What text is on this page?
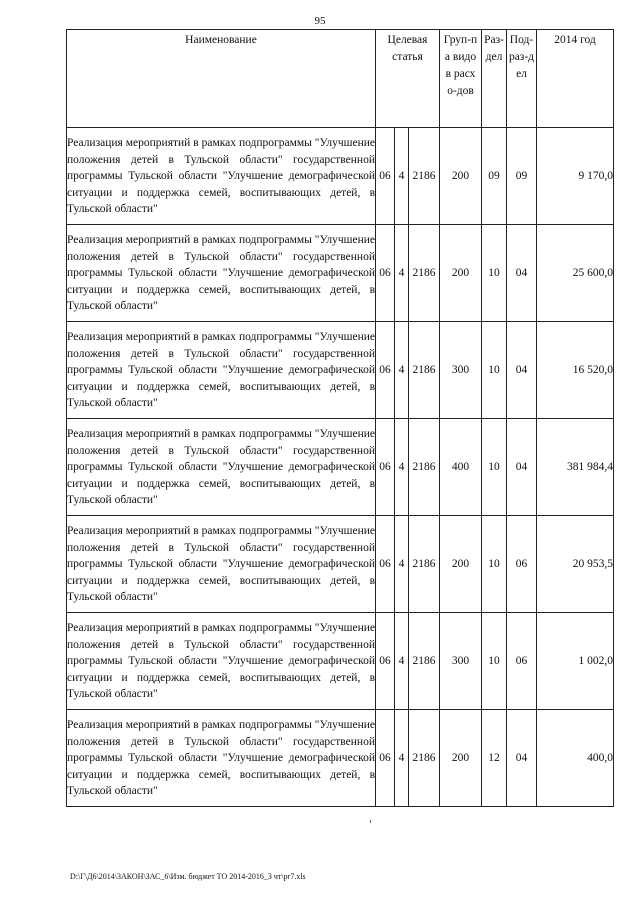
95
Наименование	Целевая статья			Груп-па видов расхо-дов	Раз-дел	Под-раз-дел	2014 год

Реализация мероприятий в рамках подпрограммы "Улучшение положения детей в Тульской области" государственной программы Тульской области "Улучшение демографической ситуации и поддержка семей, воспитывающих детей, в Тульской области"	06	4	2186	200	09	09	9 170,0

Реализация мероприятий в рамках подпрограммы "Улучшение положения детей в Тульской области" государственной программы Тульской области "Улучшение демографической ситуации и поддержка семей, воспитывающих детей, в Тульской области"	06	4	2186	200	10	04	25 600,0

Реализация мероприятий в рамках подпрограммы "Улучшение положения детей в Тульской области" государственной программы Тульской области "Улучшение демографической ситуации и поддержка семей, воспитывающих детей, в Тульской области"	06	4	2186	300	10	04	16 520,0

Реализация мероприятий в рамках подпрограммы "Улучшение положения детей в Тульской области" государственной программы Тульской области "Улучшение демографической ситуации и поддержка семей, воспитывающих детей, в Тульской области"	06	4	2186	400	10	04	381 984,4

Реализация мероприятий в рамках подпрограммы "Улучшение положения детей в Тульской области" государственной программы Тульской области "Улучшение демографической ситуации и поддержка семей, воспитывающих детей, в Тульской области"	06	4	2186	200	10	06	20 953,5

Реализация мероприятий в рамках подпрограммы "Улучшение положения детей в Тульской области" государственной программы Тульской области "Улучшение демографической ситуации и поддержка семей, воспитывающих детей, в Тульской области"	06	4	2186	300	10	06	1 002,0

Реализация мероприятий в рамках подпрограммы "Улучшение положения детей в Тульской области" государственной программы Тульской области "Улучшение демографической ситуации и поддержка семей, воспитывающих детей, в Тульской области"	06	4	2186	200	12	04	400,0
D:\Г\Д6\2014\ЗАКОН\ЗАС_6\Изм. бюджет ТО 2014-2016_3 чт\pr7.xls
